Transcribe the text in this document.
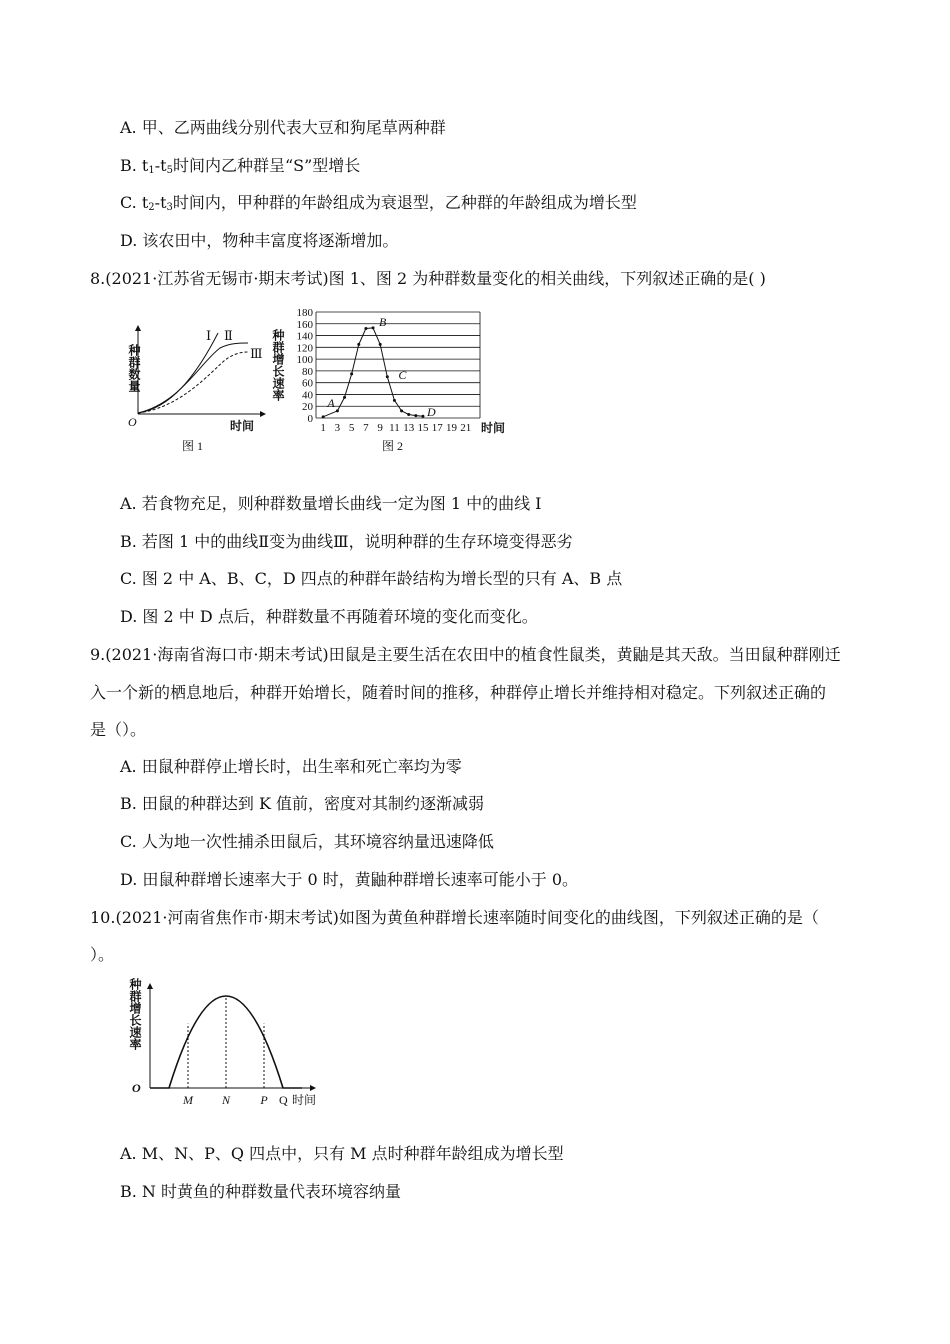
A. 甲、乙两曲线分别代表大豆和狗尾草两种群
B. $t_1-t_5$时间内乙种群呈“S”型增长
C. $t_2-t_3$时间内，甲种群的年龄组成为衰退型，乙种群的年龄组成为增长型
D. 该农田中，物种丰富度将逐渐增加。
8.(2021·江苏省无锡市·期末考试)图 1、图 2 为种群数量变化的相关曲线，下列叙述正确的是( )
种群数量
时间
O
Ⅰ Ⅱ
Ⅲ
图 1
0
20
40
60
80
100
120
140
160
180
1 3 5 7 9 11 13 15 17 19 21 时间
种群增长速率
A
B
C
D
图 2
A. 若食物充足，则种群数量增长曲线一定为图 1 中的曲线 Ⅰ
B. 若图 1 中的曲线Ⅱ变为曲线Ⅲ，说明种群的生存环境变得恶劣
C. 图 2 中 A、B、C，D 四点的种群年龄结构为增长型的只有 A、B 点
D. 图 2 中 D 点后，种群数量不再随着环境的变化而变化。
9.(2021·海南省海口市·期末考试)田鼠是主要生活在农田中的植食性鼠类，黄鼬是其天敌。当田鼠种群刚迁
入一个新的栖息地后，种群开始增长，随着时间的推移，种群停止增长并维持相对稳定。下列叙述正确的
是（）。
A. 田鼠种群停止增长时，出生率和死亡率均为零
B. 田鼠的种群达到 K 值前，密度对其制约逐渐减弱
C. 人为地一次性捕杀田鼠后，其环境容纳量迅速降低
D. 田鼠种群增长速率大于 0 时，黄鼬种群增长速率可能小于 0。
10.(2021·河南省焦作市·期末考试)如图为黄鱼种群增长速率随时间变化的曲线图，下列叙述正确的是（
）。
O
M N	P Q 时间
种群增长速率
A. M、N、P、Q 四点中，只有 M 点时种群年龄组成为增长型
B. N 时黄鱼的种群数量代表环境容纳量
